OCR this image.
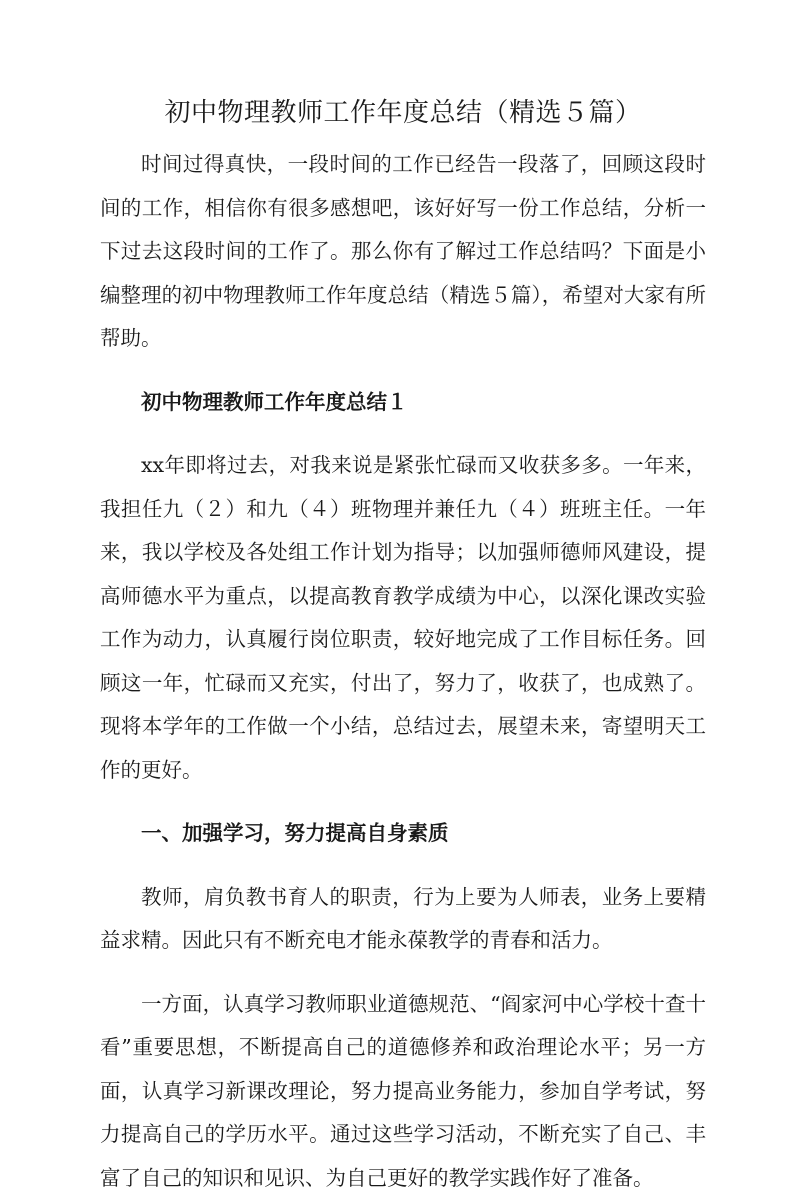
初中物理教师工作年度总结（精选５篇）

时间过得真快，一段时间的工作已经告一段落了，回顾这段时间的工作，相信你有很多感想吧，该好好写一份工作总结，分析一下过去这段时间的工作了。那么你有了解过工作总结吗？下面是小编整理的初中物理教师工作年度总结（精选５篇），希望对大家有所帮助。

初中物理教师工作年度总结１

xx年即将过去，对我来说是紧张忙碌而又收获多多。一年来，我担任九（２）和九（４）班物理并兼任九（４）班班主任。一年来，我以学校及各处组工作计划为指导；以加强师德师风建设，提高师德水平为重点，以提高教育教学成绩为中心，以深化课改实验工作为动力，认真履行岗位职责，较好地完成了工作目标任务。回顾这一年，忙碌而又充实，付出了，努力了，收获了，也成熟了。现将本学年的工作做一个小结，总结过去，展望未来，寄望明天工作的更好。

一、加强学习，努力提高自身素质

教师，肩负教书育人的职责，行为上要为人师表，业务上要精益求精。因此只有不断充电才能永葆教学的青春和活力。

一方面，认真学习教师职业道德规范、“阎家河中心学校十查十看”重要思想，不断提高自己的道德修养和政治理论水平；另一方面，认真学习新课改理论，努力提高业务能力，参加自学考试，努力提高自己的学历水平。通过这些学习活动，不断充实了自己、丰富了自己的知识和见识、为自己更好的教学实践作好了准备。
